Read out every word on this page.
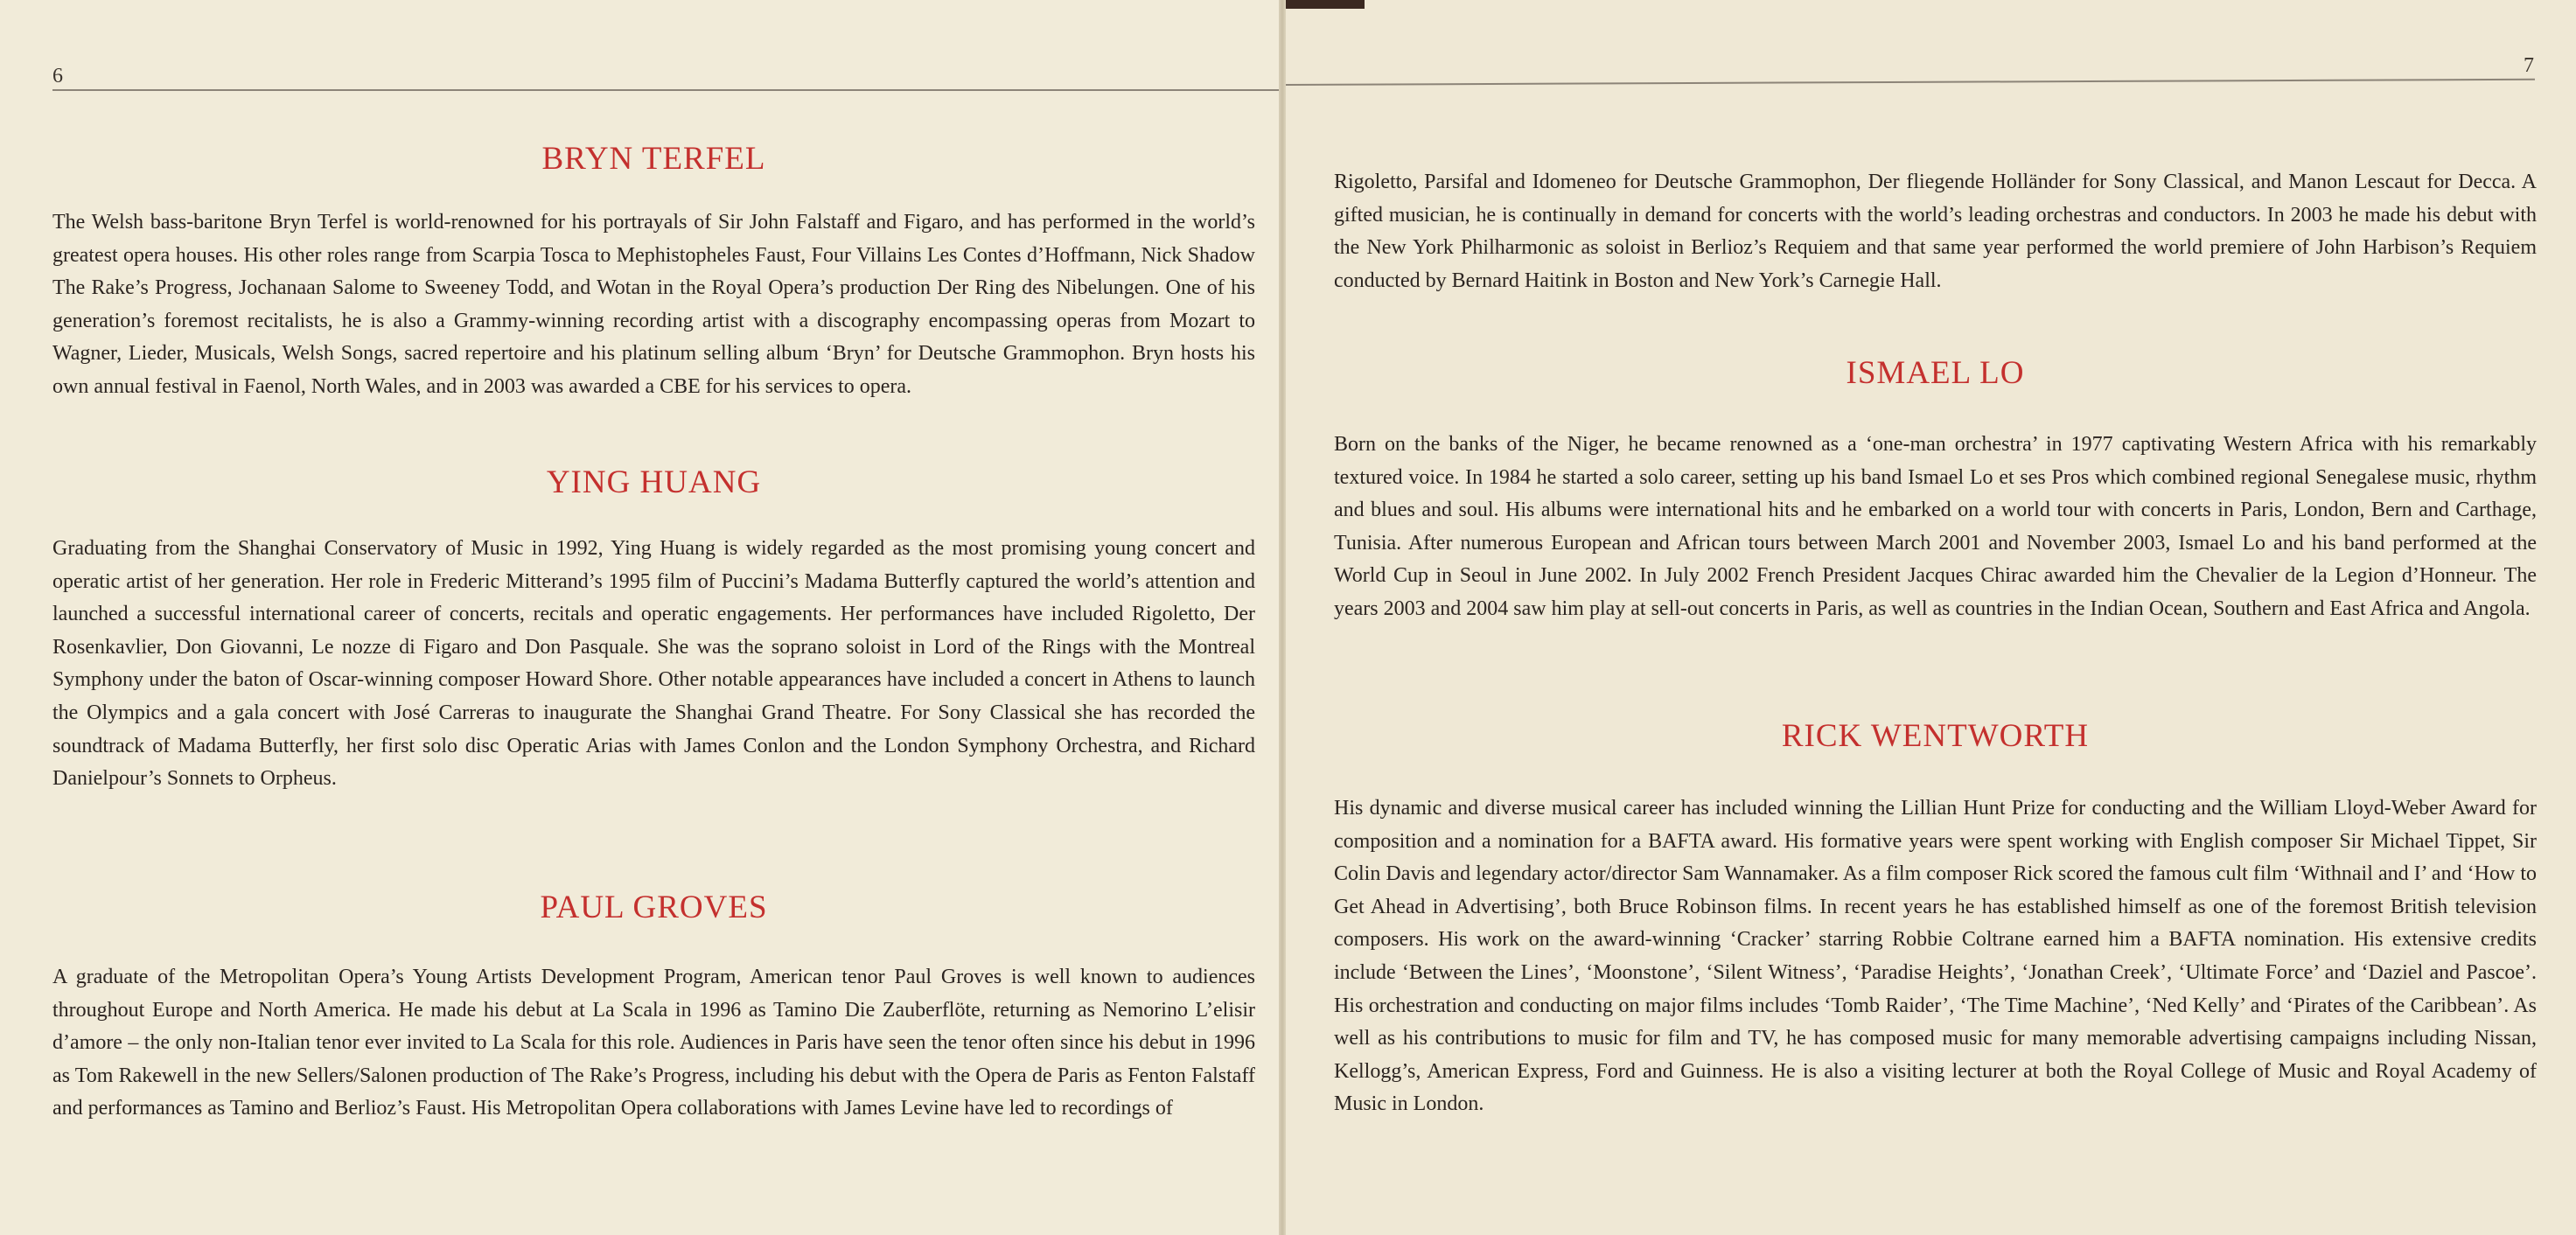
6
BRYN TERFEL

The Welsh bass-baritone Bryn Terfel is world-renowned for his portrayals of Sir John Falstaff and Figaro, and has performed in the world’s greatest opera houses. His other roles range from Scarpia Tosca to Mephistopheles Faust, Four Villains Les Contes d’Hoffmann, Nick Shadow The Rake’s Progress, Jochanaan Salome to Sweeney Todd, and Wotan in the Royal Opera’s production Der Ring des Nibelungen. One of his generation’s foremost recitalists, he is also a Grammy-winning recording artist with a discography encompassing operas from Mozart to Wagner, Lieder, Musicals, Welsh Songs, sacred repertoire and his platinum selling album ‘Bryn’ for Deutsche Grammophon. Bryn hosts his own annual festival in Faenol, North Wales, and in 2003 was awarded a CBE for his services to opera.

YING HUANG

Graduating from the Shanghai Conservatory of Music in 1992, Ying Huang is widely regarded as the most promising young concert and operatic artist of her generation. Her role in Frederic Mitterand’s 1995 film of Puccini’s Madama Butterfly captured the world’s attention and launched a successful international career of concerts, recitals and operatic engagements. Her performances have included Rigoletto, Der Rosenkavlier, Don Giovanni, Le nozze di Figaro and Don Pasquale. She was the soprano soloist in Lord of the Rings with the Montreal Symphony under the baton of Oscar-winning composer Howard Shore. Other notable appearances have included a concert in Athens to launch the Olympics and a gala concert with José Carreras to inaugurate the Shanghai Grand Theatre. For Sony Classical she has recorded the soundtrack of Madama Butterfly, her first solo disc Operatic Arias with James Conlon and the London Symphony Orchestra, and Richard Danielpour’s Sonnets to Orpheus.

PAUL GROVES

A graduate of the Metropolitan Opera’s Young Artists Development Program, American tenor Paul Groves is well known to audiences throughout Europe and North America. He made his debut at La Scala in 1996 as Tamino Die Zauberflöte, returning as Nemorino L’elisir d’amore – the only non-Italian tenor ever invited to La Scala for this role. Audiences in Paris have seen the tenor often since his debut in 1996 as Tom Rakewell in the new Sellers/Salonen production of The Rake’s Progress, including his debut with the Opera de Paris as Fenton Falstaff and performances as Tamino and Berlioz’s Faust. His Metropolitan Opera collaborations with James Levine have led to recordings of

7

Rigoletto, Parsifal and Idomeneo for Deutsche Grammophon, Der fliegende Holländer for Sony Classical, and Manon Lescaut for Decca. A gifted musician, he is continually in demand for concerts with the world’s leading orchestras and conductors. In 2003 he made his debut with the New York Philharmonic as soloist in Berlioz’s Requiem and that same year performed the world premiere of John Harbison’s Requiem conducted by Bernard Haitink in Boston and New York’s Carnegie Hall.

ISMAEL LO

Born on the banks of the Niger, he became renowned as a ‘one-man orchestra’ in 1977 captivating Western Africa with his remarkably textured voice. In 1984 he started a solo career, setting up his band Ismael Lo et ses Pros which combined regional Senegalese music, rhythm and blues and soul. His albums were international hits and he embarked on a world tour with concerts in Paris, London, Bern and Carthage, Tunisia. After numerous European and African tours between March 2001 and November 2003, Ismael Lo and his band performed at the World Cup in Seoul in June 2002. In July 2002 French President Jacques Chirac awarded him the Chevalier de la Legion d’Honneur. The years 2003 and 2004 saw him play at sell-out concerts in Paris, as well as countries in the Indian Ocean, Southern and East Africa and Angola.

RICK WENTWORTH

His dynamic and diverse musical career has included winning the Lillian Hunt Prize for conducting and the William Lloyd-Weber Award for composition and a nomination for a BAFTA award. His formative years were spent working with English composer Sir Michael Tippet, Sir Colin Davis and legendary actor/director Sam Wannamaker. As a film composer Rick scored the famous cult film ‘Withnail and I’ and ‘How to Get Ahead in Advertising’, both Bruce Robinson films. In recent years he has established himself as one of the foremost British television composers. His work on the award-winning ‘Cracker’ starring Robbie Coltrane earned him a BAFTA nomination. His extensive credits include ‘Between the Lines’, ‘Moonstone’, ‘Silent Witness’, ‘Paradise Heights’, ‘Jonathan Creek’, ‘Ultimate Force’ and ‘Daziel and Pascoe’. His orchestration and conducting on major films includes ‘Tomb Raider’, ‘The Time Machine’, ‘Ned Kelly’ and ‘Pirates of the Caribbean’. As well as his contributions to music for film and TV, he has composed music for many memorable advertising campaigns including Nissan, Kellogg’s, American Express, Ford and Guinness. He is also a visiting lecturer at both the Royal College of Music and Royal Academy of Music in London.
